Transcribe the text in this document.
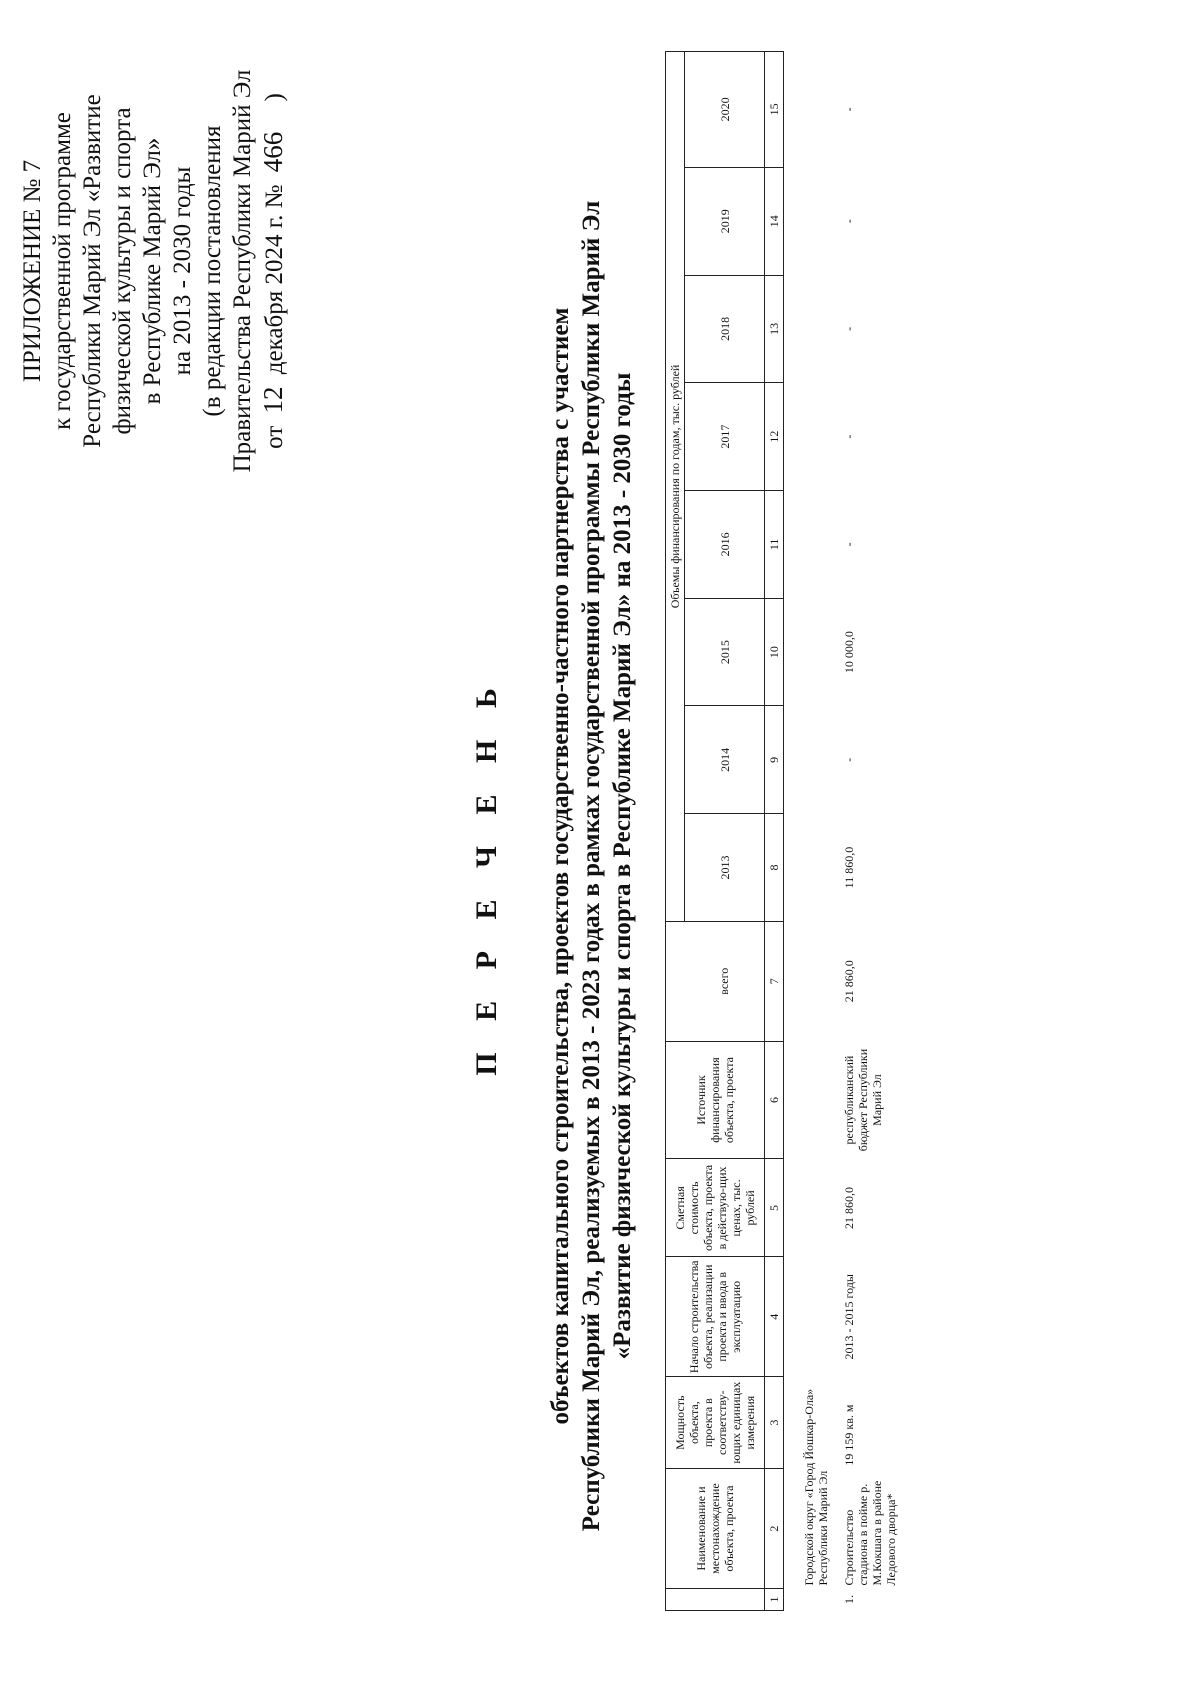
ПРИЛОЖЕНИЕ № 7 к государственной программе Республики Марий Эл «Развитие физической культуры и спорта в Республике Марий Эл» на 2013 - 2030 годы (в редакции постановления Правительства Республики Марий Эл от 12 декабря 2024 г. № 466 )
П Е Р Е Ч Е Н Ь объектов капитального строительства, проектов государственно-частного партнерства с участием Республики Марий Эл, реализуемых в 2013 - 2023 годах в рамках государственной программы Республики Марий Эл «Развитие физической культуры и спорта в Республике Марий Эл» на 2013 - 2030 годы
	Наименование и местонахождение объекта, проекта	Мощность объекта, проекта в соответству-ющих единицах измерения	Начало строительства объекта, реализации проекта и ввода в эксплуатацию	Сметная стоимость объекта, проекта в действую-щих ценах, тыс. рублей	Источник финансирования объекта, проекта		Объемы финансирования по годам, тыс. рублей							
						всего	2013	2014	2015	2016	2017	2018	2019	2020
1	2	3	4	5	6	7	8	9	10	11	12	13	14	15
	Городской округ «Город Йошкар-Ола» Республики Марий Эл													
1.	Строительство стадиона в пойме р. М.Кокшага в районе Ледового дворца*	19 159 кв. м	2013 - 2015 годы	21 860,0	республиканский бюджет Республики Марий Эл	21 860,0	11 860,0	-	10 000,0	-	-	-	-	-
